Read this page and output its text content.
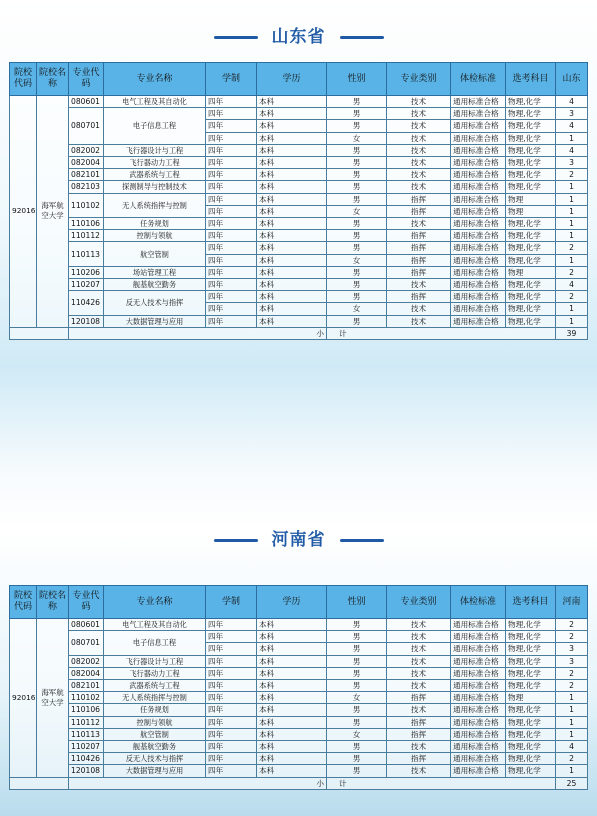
山东省
院校代码	院校名称	专业代码	专业名称	学制	学历	性别	专业类别	体检标准	选考科目	山东
92016	海军航空大学	080601	电气工程及其自动化	四年	本科	男	技术	通用标准合格	物理,化学	4
		080701	电子信息工程	四年	本科	男	技术	通用标准合格	物理,化学	3
				四年	本科	男	技术	通用标准合格	物理,化学	4
				四年	本科	女	技术	通用标准合格	物理,化学	1
		082002	飞行器设计与工程	四年	本科	男	技术	通用标准合格	物理,化学	4
		082004	飞行器动力工程	四年	本科	男	技术	通用标准合格	物理,化学	3
		082101	武器系统与工程	四年	本科	男	技术	通用标准合格	物理,化学	2
		082103	探测制导与控制技术	四年	本科	男	技术	通用标准合格	物理,化学	1
		110102	无人系统指挥与控制	四年	本科	男	指挥	通用标准合格	物理	1
				四年	本科	女	指挥	通用标准合格	物理	1
		110106	任务规划	四年	本科	男	技术	通用标准合格	物理,化学	1
		110112	控制与领航	四年	本科	男	指挥	通用标准合格	物理,化学	1
		110113	航空管制	四年	本科	男	指挥	通用标准合格	物理,化学	2
				四年	本科	女	指挥	通用标准合格	物理,化学	1
		110206	场站管理工程	四年	本科	男	指挥	通用标准合格	物理	2
		110207	舰基航空勤务	四年	本科	男	技术	通用标准合格	物理,化学	4
		110426	反无人技术与指挥	四年	本科	男	指挥	通用标准合格	物理,化学	2
				四年	本科	女	技术	通用标准合格	物理,化学	1
		120108	大数据管理与应用	四年	本科	男	技术	通用标准合格	物理,化学	1
		小				计				39
河南省
院校代码	院校名称	专业代码	专业名称	学制	学历	性别	专业类别	体检标准	选考科目	河南
92016	海军航空大学	080601	电气工程及其自动化	四年	本科	男	技术	通用标准合格	物理,化学	2
		080701	电子信息工程	四年	本科	男	技术	通用标准合格	物理,化学	2
				四年	本科	男	技术	通用标准合格	物理,化学	3
		082002	飞行器设计与工程	四年	本科	男	技术	通用标准合格	物理,化学	3
		082004	飞行器动力工程	四年	本科	男	技术	通用标准合格	物理,化学	2
		082101	武器系统与工程	四年	本科	男	技术	通用标准合格	物理,化学	2
		110102	无人系统指挥与控制	四年	本科	女	指挥	通用标准合格	物理	1
		110106	任务规划	四年	本科	男	技术	通用标准合格	物理,化学	1
		110112	控制与领航	四年	本科	男	指挥	通用标准合格	物理,化学	1
		110113	航空管制	四年	本科	女	指挥	通用标准合格	物理,化学	1
		110207	舰基航空勤务	四年	本科	男	技术	通用标准合格	物理,化学	4
		110426	反无人技术与指挥	四年	本科	男	指挥	通用标准合格	物理,化学	2
		120108	大数据管理与应用	四年	本科	男	技术	通用标准合格	物理,化学	1
		小				计				25
